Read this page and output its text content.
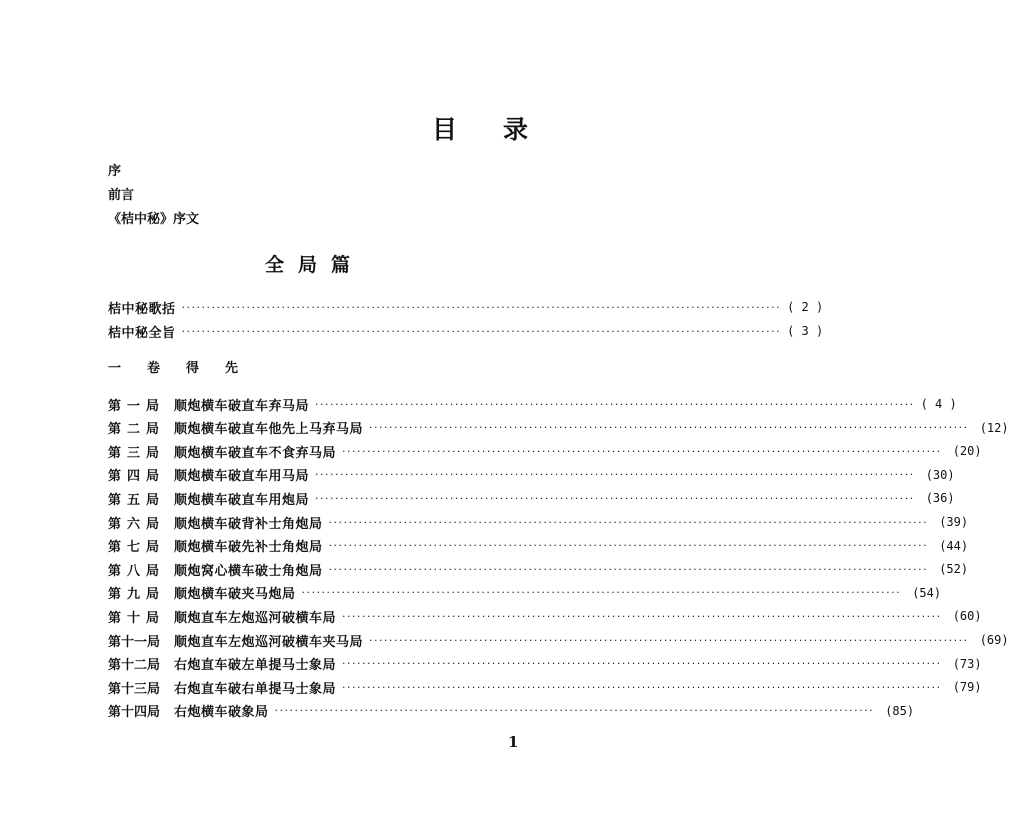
目录
序
前言
《桔中秘》序文
全局篇
桔中秘歌括 ························································································································ ( 2 )
桔中秘全旨 ························································································································ ( 3 )
一卷得先
第一局 顺炮横车破直车弃马局 ························································································································ ( 4 )
第二局 顺炮横车破直车他先上马弃马局 ························································································································ (12)
第三局 顺炮横车破直车不食弃马局 ························································································································ (20)
第四局 顺炮横车破直车用马局 ························································································································ (30)
第五局 顺炮横车破直车用炮局 ························································································································ (36)
第六局 顺炮横车破背补士角炮局 ························································································································ (39)
第七局 顺炮横车破先补士角炮局 ························································································································ (44)
第八局 顺炮窝心横车破士角炮局 ························································································································ (52)
第九局 顺炮横车破夹马炮局 ························································································································ (54)
第十局 顺炮直车左炮巡河破横车局 ························································································································ (60)
第十一局 顺炮直车左炮巡河破横车夹马局 ························································································································ (69)
第十二局 右炮直车破左单提马士象局 ························································································································ (73)
第十三局 右炮直车破右单提马士象局 ························································································································ (79)
第十四局 右炮横车破象局 ························································································································ (85)
1
